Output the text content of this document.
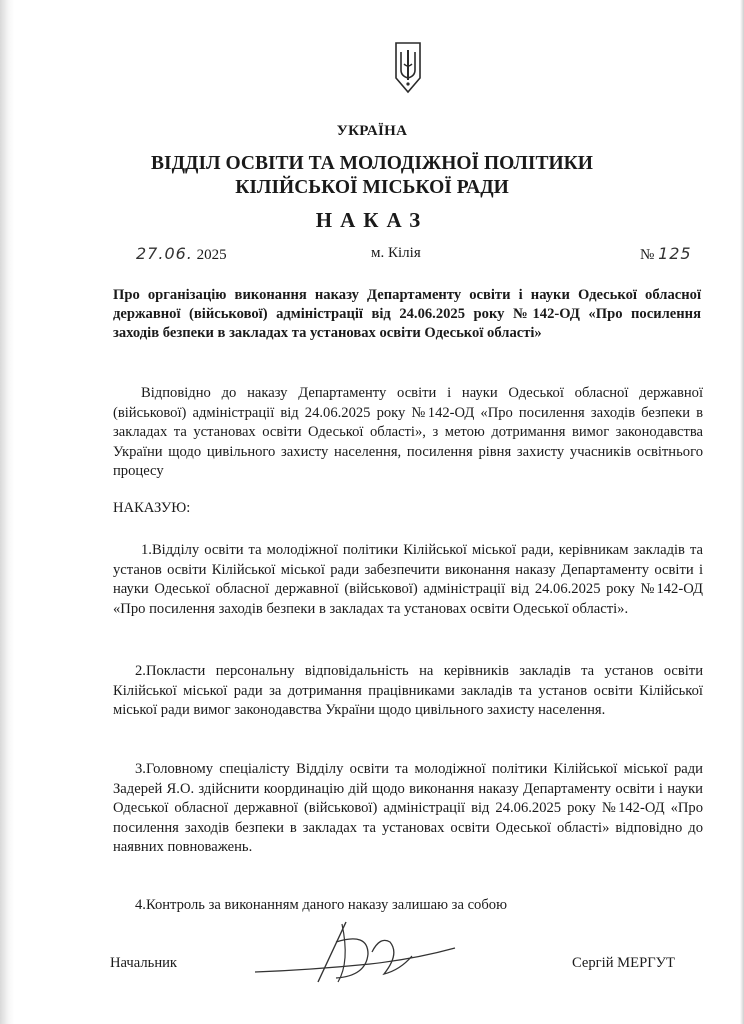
УКРАЇНА
ВІДДІЛ ОСВІТИ ТА МОЛОДІЖНОЇ ПОЛІТИКИ
КІЛІЙСЬКОЇ МІСЬКОЇ РАДИ
НАКАЗ
27.06. 2025	м. Кілія	№ 125
Про організацію виконання наказу Департаменту освіти і науки Одеської обласної державної (військової) адміністрації від 24.06.2025 року №142-ОД «Про посилення заходів безпеки в закладах та установах освіти Одеської області»
Відповідно до наказу Департаменту освіти і науки Одеської обласної державної (військової) адміністрації від 24.06.2025 року №142-ОД «Про посилення заходів безпеки в закладах та установах освіти Одеської області», з метою дотримання вимог законодавства України щодо цивільного захисту населення, посилення рівня захисту учасників освітнього процесу
НАКАЗУЮ:
1.Відділу освіти та молодіжної політики Кілійської міської ради, керівникам закладів та установ освіти Кілійської міської ради забезпечити виконання наказу Департаменту освіти і науки Одеської обласної державної (військової) адміністрації від 24.06.2025 року №142-ОД «Про посилення заходів безпеки в закладах та установах освіти Одеської області».
2.Покласти персональну відповідальність на керівників закладів та установ освіти Кілійської міської ради за дотримання працівниками закладів та установ освіти Кілійської міської ради вимог законодавства України щодо цивільного захисту населення.
3.Головному спеціалісту Відділу освіти та молодіжної політики Кілійської міської ради Задерей Я.О. здійснити координацію дій щодо виконання наказу Департаменту освіти і науки Одеської обласної державної (військової) адміністрації від 24.06.2025 року №142-ОД «Про посилення заходів безпеки в закладах та установах освіти Одеської області» відповідно до наявних повноважень.
4.Контроль за виконанням даного наказу залишаю за собою
Начальник	Сергій МЕРГУТ
